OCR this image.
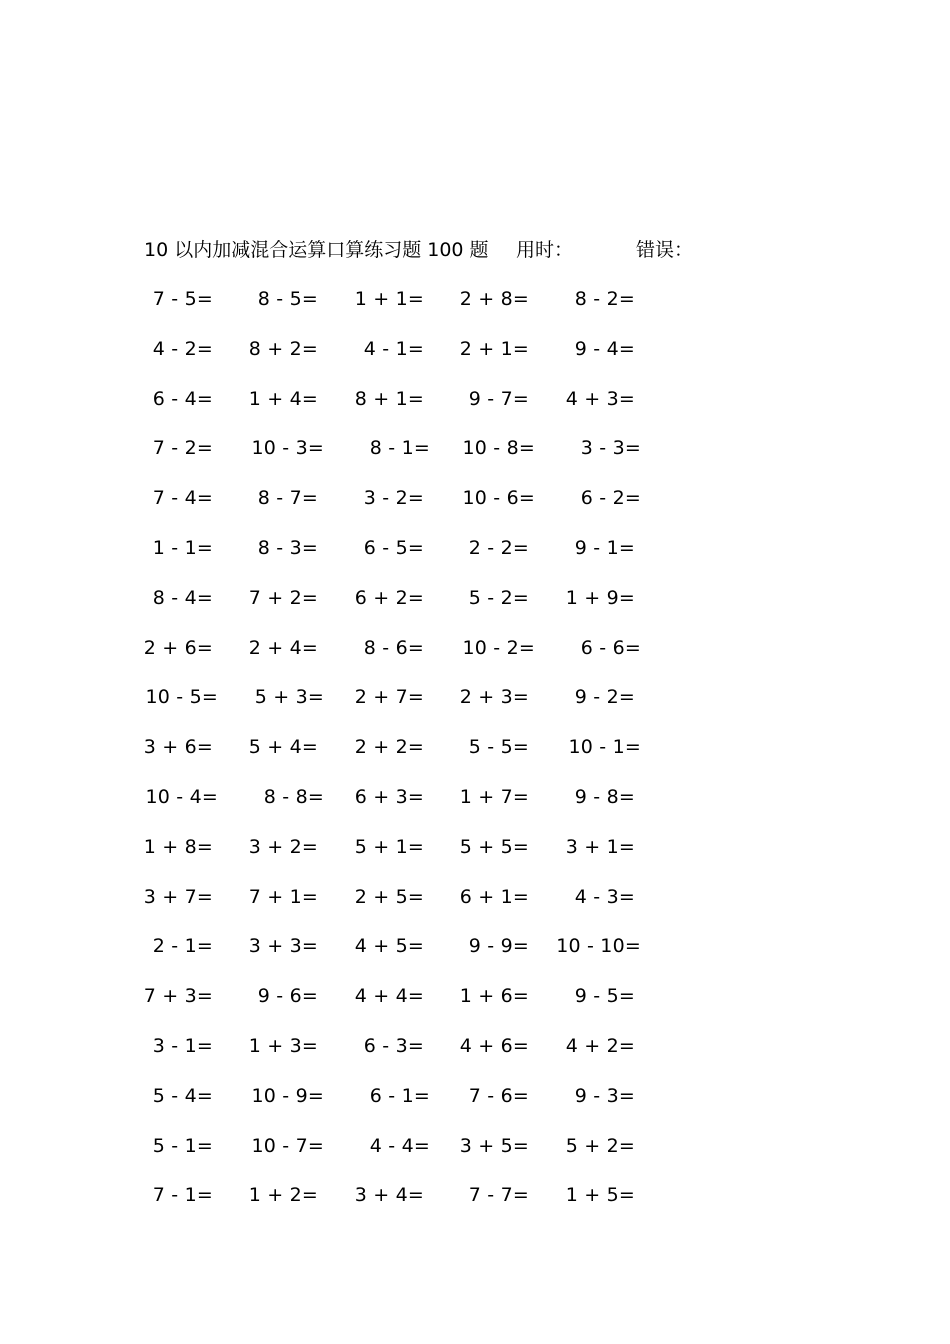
10 以内加减混合运算口算练习题 100 题 用时：	错误：
7 - 5= 8 - 5= 1 + 1= 2 + 8= 8 - 2=
4 - 2= 8 + 2= 4 - 1= 2 + 1= 9 - 4=
6 - 4= 1 + 4= 8 + 1= 9 - 7= 4 + 3=
7 - 2= 10 - 3= 8 - 1= 10 - 8= 3 - 3=
7 - 4= 8 - 7= 3 - 2= 10 - 6= 6 - 2=
1 - 1= 8 - 3= 6 - 5= 2 - 2= 9 - 1=
8 - 4= 7 + 2= 6 + 2= 5 - 2= 1 + 9=
2 + 6= 2 + 4= 8 - 6= 10 - 2= 6 - 6=
10 - 5= 5 + 3= 2 + 7= 2 + 3= 9 - 2=
3 + 6= 5 + 4= 2 + 2= 5 - 5= 10 - 1=
10 - 4= 8 - 8= 6 + 3= 1 + 7= 9 - 8=
1 + 8= 3 + 2= 5 + 1= 5 + 5= 3 + 1=
3 + 7= 7 + 1= 2 + 5= 6 + 1= 4 - 3=
2 - 1= 3 + 3= 4 + 5= 9 - 9= 10 - 10=
7 + 3= 9 - 6= 4 + 4= 1 + 6= 9 - 5=
3 - 1= 1 + 3= 6 - 3= 4 + 6= 4 + 2=
5 - 4= 10 - 9= 6 - 1= 7 - 6= 9 - 3=
5 - 1= 10 - 7= 4 - 4= 3 + 5= 5 + 2=
7 - 1= 1 + 2= 3 + 4= 7 - 7= 1 + 5=
